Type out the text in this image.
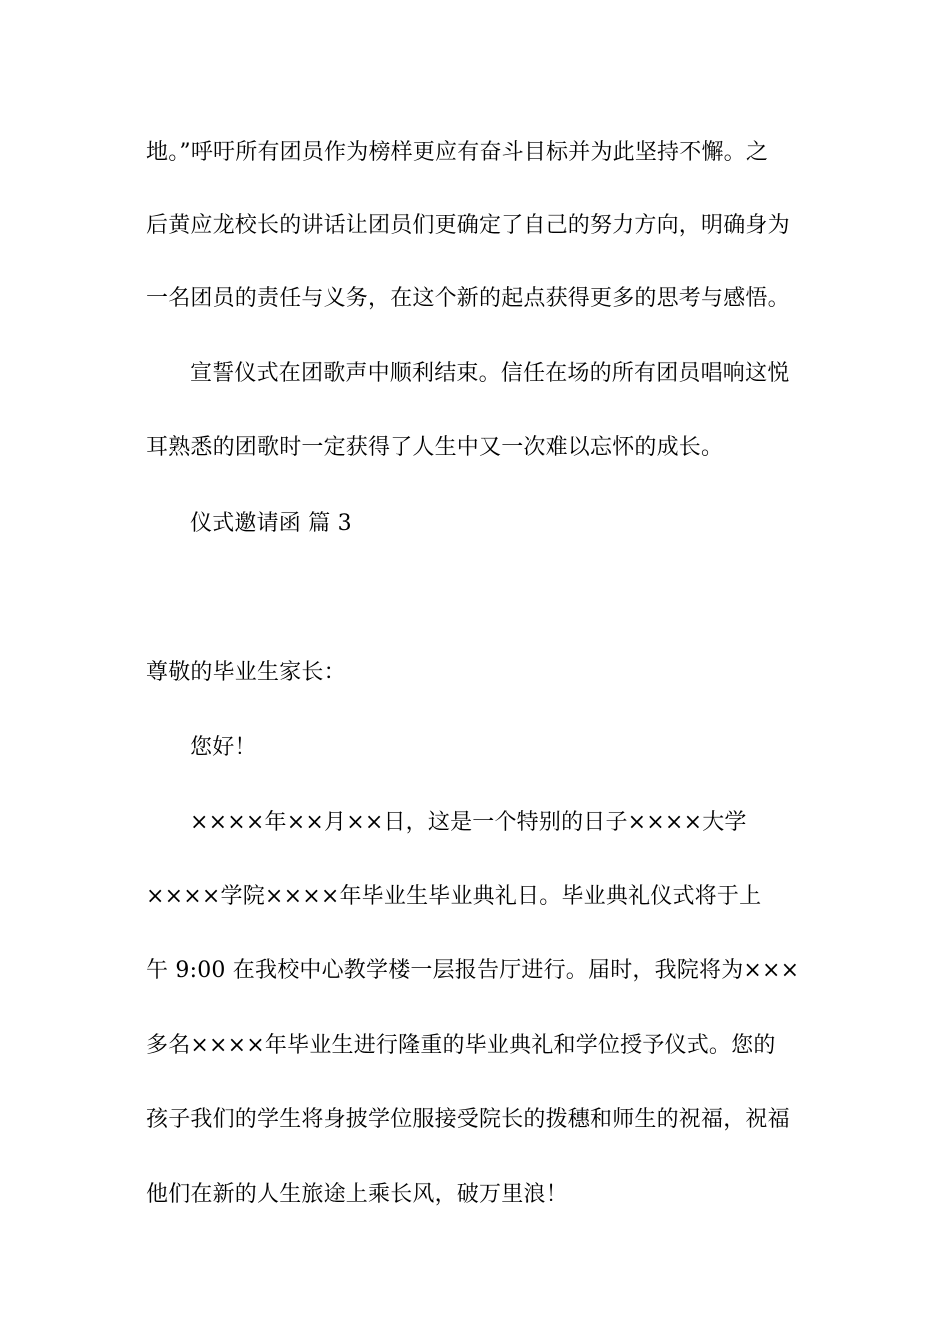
地。”呼吁所有团员作为榜样更应有奋斗目标并为此坚持不懈。之
后黄应龙校长的讲话让团员们更确定了自己的努力方向，明确身为
一名团员的责任与义务，在这个新的起点获得更多的思考与感悟。
宣誓仪式在团歌声中顺利结束。信任在场的所有团员唱响这悦
耳熟悉的团歌时一定获得了人生中又一次难以忘怀的成长。
仪式邀请函 篇 3
尊敬的毕业生家长：
您好！
××××年××月××日，这是一个特别的日子××××大学
××××学院××××年毕业生毕业典礼日。毕业典礼仪式将于上
午 9:00 在我校中心教学楼一层报告厅进行。届时，我院将为×××
多名××××年毕业生进行隆重的毕业典礼和学位授予仪式。您的
孩子我们的学生将身披学位服接受院长的拨穗和师生的祝福，祝福
他们在新的人生旅途上乘长风，破万里浪！
